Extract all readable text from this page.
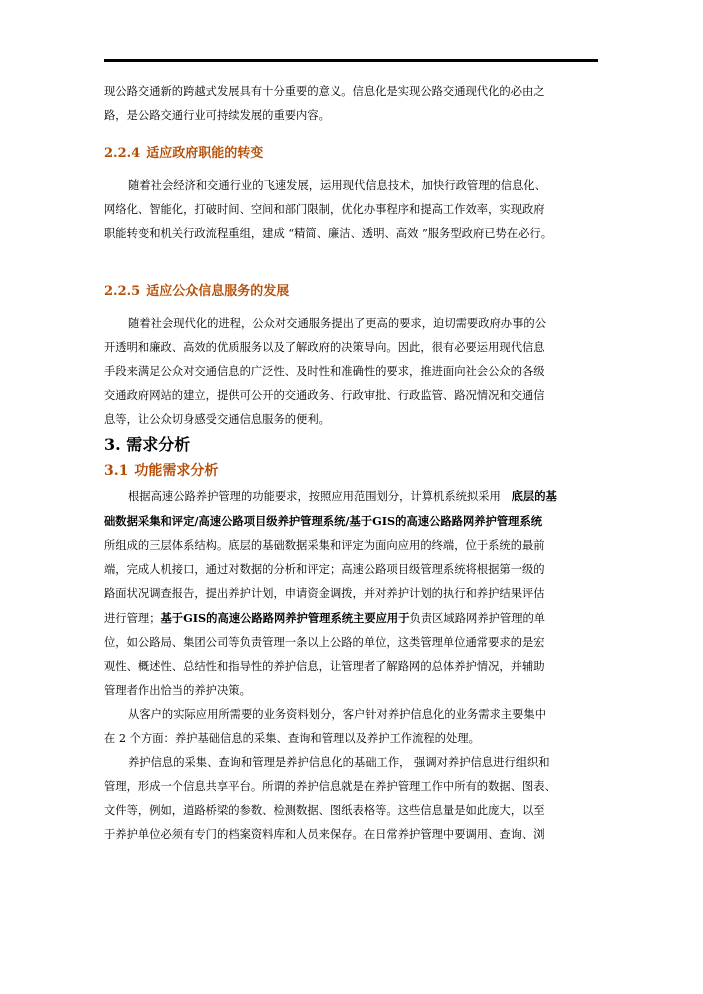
现公路交通新的跨越式发展具有十分重要的意义。信息化是实现公路交通现代化的必由之
路，是公路交通行业可持续发展的重要内容。

2.2.4 适应政府职能的转变

随着社会经济和交通行业的飞速发展，运用现代信息技术，加快行政管理的信息化、
网络化、智能化，打破时间、空间和部门限制，优化办事程序和提高工作效率，实现政府
职能转变和机关行政流程重组，建成 “精简、廉洁、透明、高效 ”服务型政府已势在必行。

2.2.5 适应公众信息服务的发展

随着社会现代化的进程，公众对交通服务提出了更高的要求，迫切需要政府办事的公
开透明和廉政、高效的优质服务以及了解政府的决策导向。因此，很有必要运用现代信息
手段来满足公众对交通信息的广泛性、及时性和准确性的要求，推进面向社会公众的各级
交通政府网站的建立，提供可公开的交通政务、行政审批、行政监管、路况情况和交通信
息等，让公众切身感受交通信息服务的便利。

3. 需求分析

3.1 功能需求分析

根据高速公路养护管理的功能要求，按照应用范围划分，计算机系统拟采用 底层的基
础数据采集和评定/高速公路项目级养护管理系统/基于GIS的高速公路路网养护管理系统
所组成的三层体系结构。底层的基础数据采集和评定为面向应用的终端，位于系统的最前
端，完成人机接口，通过对数据的分析和评定；高速公路项目级管理系统将根据第一级的
路面状况调查报告，提出养护计划，申请资金调拨，并对养护计划的执行和养护结果评估
进行管理；基于GIS的高速公路路网养护管理系统主要应用于负责区域路网养护管理的单
位，如公路局、集团公司等负责管理一条以上公路的单位，这类管理单位通常要求的是宏
观性、概述性、总结性和指导性的养护信息，让管理者了解路网的总体养护情况，并辅助
管理者作出恰当的养护决策。

从客户的实际应用所需要的业务资料划分，客户针对养护信息化的业务需求主要集中
在 2 个方面：养护基础信息的采集、查询和管理以及养护工作流程的处理。

养护信息的采集、查询和管理是养护信息化的基础工作， 强调对养护信息进行组织和
管理，形成一个信息共享平台。所谓的养护信息就是在养护管理工作中所有的数据、图表、
文件等，例如，道路桥梁的参数、检测数据、图纸表格等。这些信息量是如此庞大，以至
于养护单位必须有专门的档案资料库和人员来保存。在日常养护管理中要调用、查询、浏
